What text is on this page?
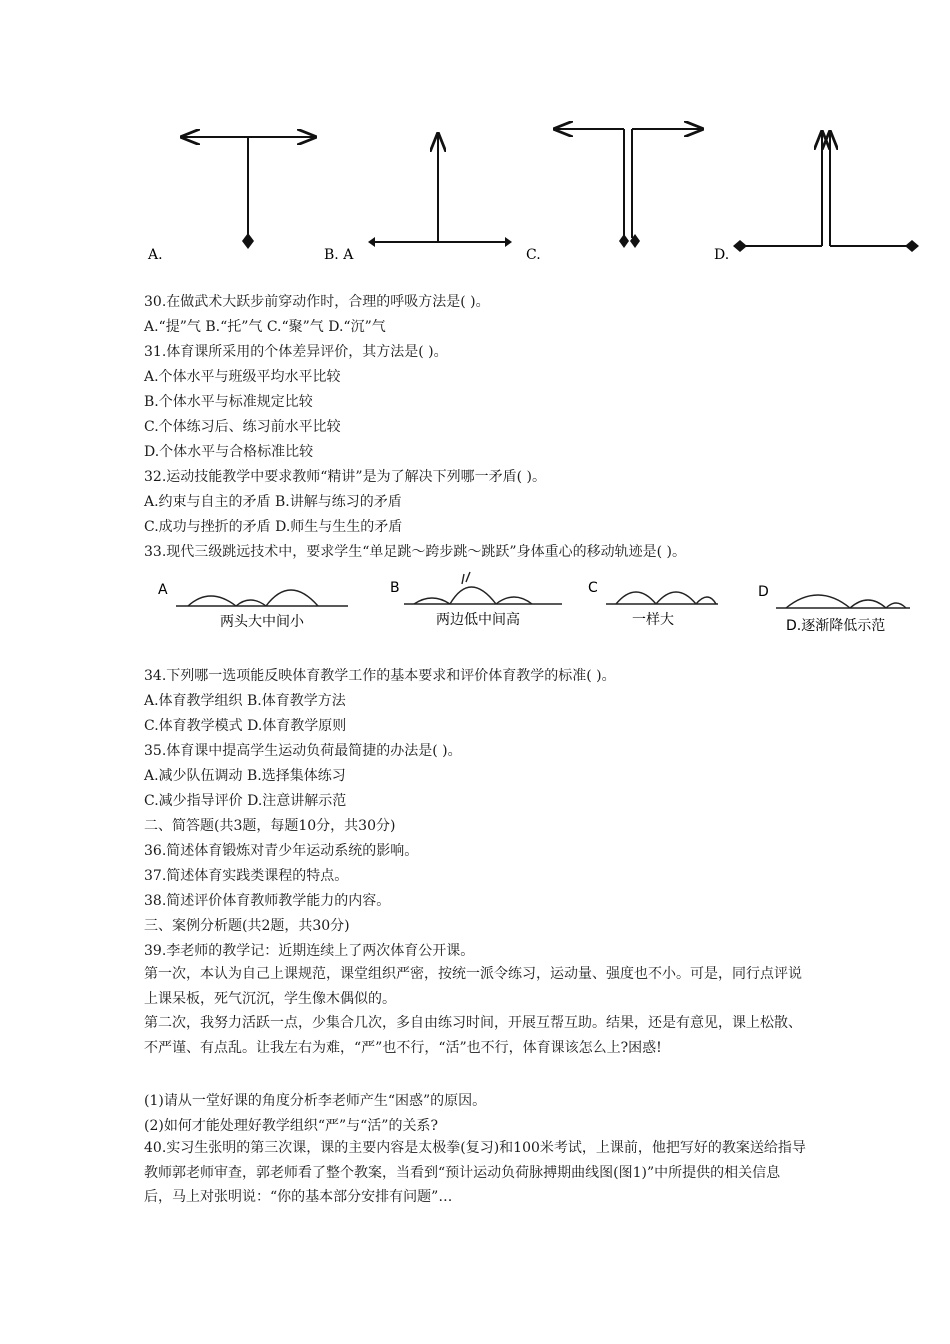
A.	B. A	C.	D.
30.在做武术大跃步前穿动作时，合理的呼吸方法是( )。
A.“提”气 B.“托”气 C.“聚”气 D.“沉”气
31.体育课所采用的个体差异评价，其方法是( )。
A.个体水平与班级平均水平比较
B.个体水平与标准规定比较
C.个体练习后、练习前水平比较
D.个体水平与合格标准比较
32.运动技能教学中要求教师“精讲”是为了解决下列哪一矛盾( )。
A.约束与自主的矛盾 B.讲解与练习的矛盾
C.成功与挫折的矛盾 D.师生与生生的矛盾
33.现代三级跳远技术中，要求学生“单足跳～跨步跳～跳跃”身体重心的移动轨迹是( )。
A	B	C	D
两头大中间小	两边低中间高	一样大	D.逐渐降低示范
34.下列哪一选项能反映体育教学工作的基本要求和评价体育教学的标准( )。
A.体育教学组织 B.体育教学方法
C.体育教学模式 D.体育教学原则
35.体育课中提高学生运动负荷最简捷的办法是( )。
A.减少队伍调动 B.选择集体练习
C.减少指导评价 D.注意讲解示范
二、简答题(共3题，每题10分，共30分)
36.简述体育锻炼对青少年运动系统的影响。
37.简述体育实践类课程的特点。
38.简述评价体育教师教学能力的内容。
三、案例分析题(共2题，共30分)
39.李老师的教学记：近期连续上了两次体育公开课。
第一次，本认为自己上课规范，课堂组织严密，按统一派令练习，运动量、强度也不小。可是，同行点评说上课呆板，死气沉沉，学生像木偶似的。
第二次，我努力活跃一点，少集合几次，多自由练习时间，开展互帮互助。结果，还是有意见，课上松散、不严谨、有点乱。让我左右为难，“严”也不行，“活”也不行，体育课该怎么上?困惑!
(1)请从一堂好课的角度分析李老师产生“困惑”的原因。
(2)如何才能处理好教学组织“严”与“活”的关系?
40.实习生张明的第三次课，课的主要内容是太极拳(复习)和100米考试，上课前，他把写好的教案送给指导教师郭老师审查，郭老师看了整个教案，当看到“预计运动负荷脉搏期曲线图(图1)”中所提供的相关信息后，马上对张明说：“你的基本部分安排有问题”…
